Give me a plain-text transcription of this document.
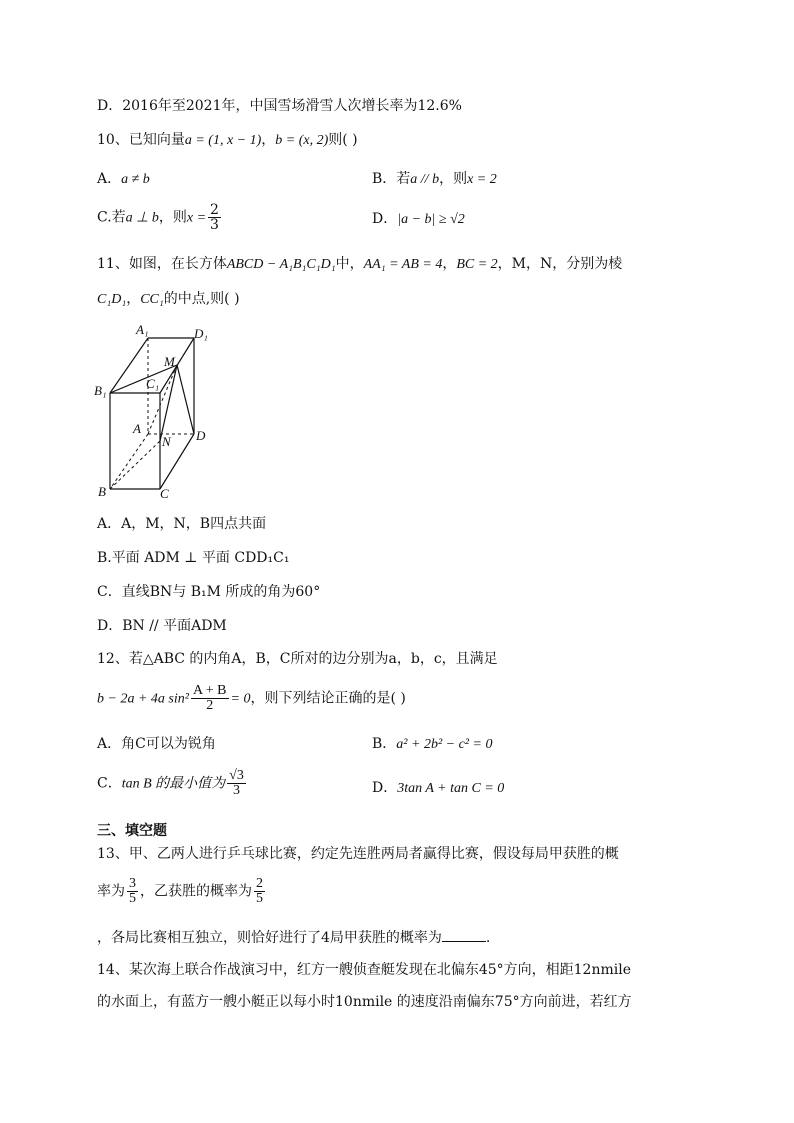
D．2016年至2021年，中国雪场滑雪人次增长率为12.6%
10、已知向量a = (1, x − 1)，b = (x, 2)则( )
A．a ≠ b	B．若a // b，则x = 2
C.若a ⊥ b，则$x = \frac{2}{3}$	D．|a − b| ≥ √2
11、如图，在长方体ABCD − A₁B₁C₁D₁中，AA₁ = AB = 4，BC = 2，M，N，分别为棱
C₁D₁，CC₁的中点,则( )
A₁	D₁
M
B₁	C₁
A
N D
B	C
A．A，M，N，B四点共面
B.平面 ADM ⊥ 平面 CDD₁C₁
C．直线BN与 B₁M 所成的角为60°
D．BN // 平面ADM
12、若△ABC 的内角A，B，C所对的边分别为a，b，c，且满足
b − 2a + 4a $\sin^2 \frac{A + B}{2} = 0$，则下列结论正确的是( )
A．角C可以为锐角	B．a² + 2b² − c² = 0
C．tan B 的最小值为 $\frac{√3}{3}$	D．3tan A + tan C = 0
三、填空题
13、甲、乙两人进行乒乓球比赛，约定先连胜两局者赢得比赛，假设每局甲获胜的概
率为 $\frac{3}{5}$ ，乙获胜的概率为 $\frac{2}{5}$
，各局比赛相互独立，则恰好进行了4局甲获胜的概率为	.
14、某次海上联合作战演习中，红方一艘侦查艇发现在北偏东45°方向，相距12nmile
的水面上，有蓝方一艘小艇正以每小时10nmile 的速度沿南偏东75°方向前进，若红方
